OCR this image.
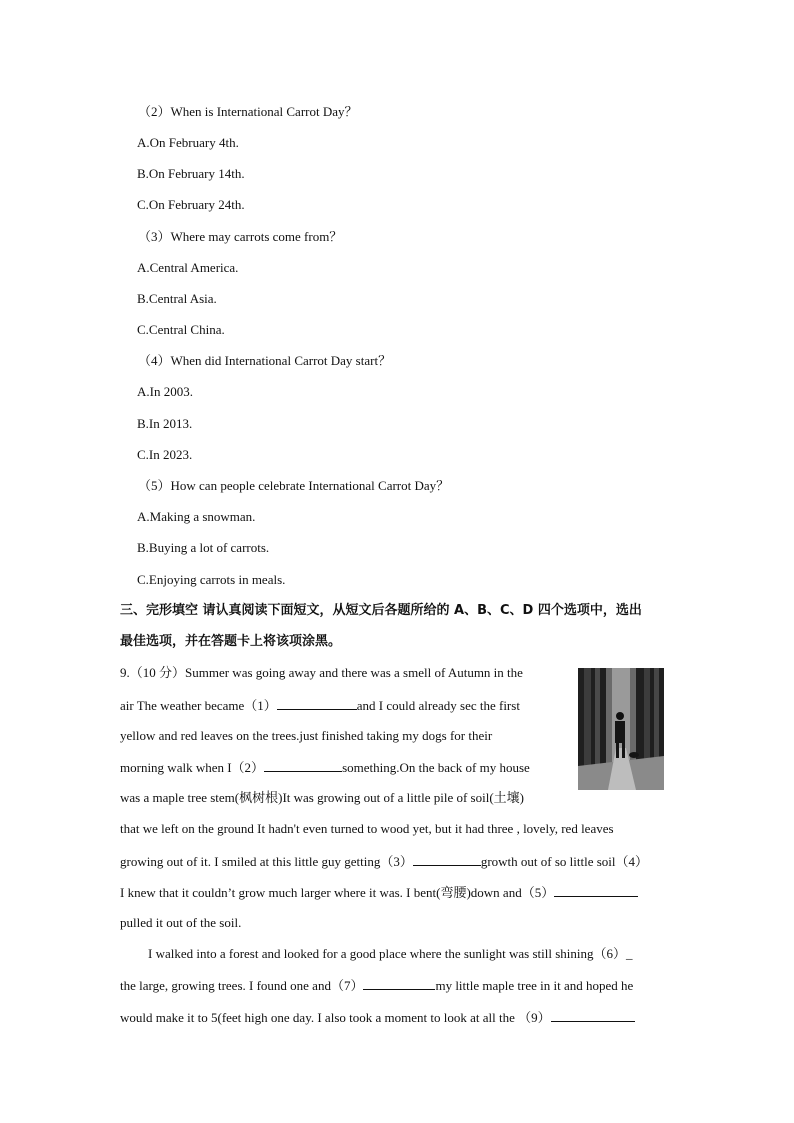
（2）When is International Carrot Day？
A.On February 4th.
B.On February 14th.
C.On February 24th.
（3）Where may carrots come from？
A.Central America.
B.Central Asia.
C.Central China.
（4）When did International Carrot Day start？
A.In 2003.
B.In 2013.
C.In 2023.
（5）How can people celebrate International Carrot Day？
A.Making a snowman.
B.Buying a lot of carrots.
C.Enjoying carrots in meals.
三、完形填空 请认真阅读下面短文，从短文后各题所给的 A、B、C、D 四个选项中，选出
最佳选项，并在答题卡上将该项涂黑。
9.（10 分）Summer was going away and there was a smell of Autumn in the
air The weather became（1）	and I could already sec the first
yellow and red leaves on the trees.just finished taking my dogs for their
morning walk when I（2）	something.On the back of my house
was a maple tree stem(枫树根)It was growing out of a little pile of soil(土壤)
that we left on the ground It hadn't even turned to wood yet, but it had three , lovely, red leaves
growing out of it. I smiled at this little guy getting（3）	growth out of so little soil（4）
I knew that it couldn’t grow much larger where it was. I bent(弯腰)down and（5）
pulled it out of the soil.
I walked into a forest and looked for a good place where the sunlight was still shining（6）_
the large, growing trees. I found one and（7）	my little maple tree in it and hoped he
would make it to 5(feet high one day. I also took a moment to look at all the （9）
